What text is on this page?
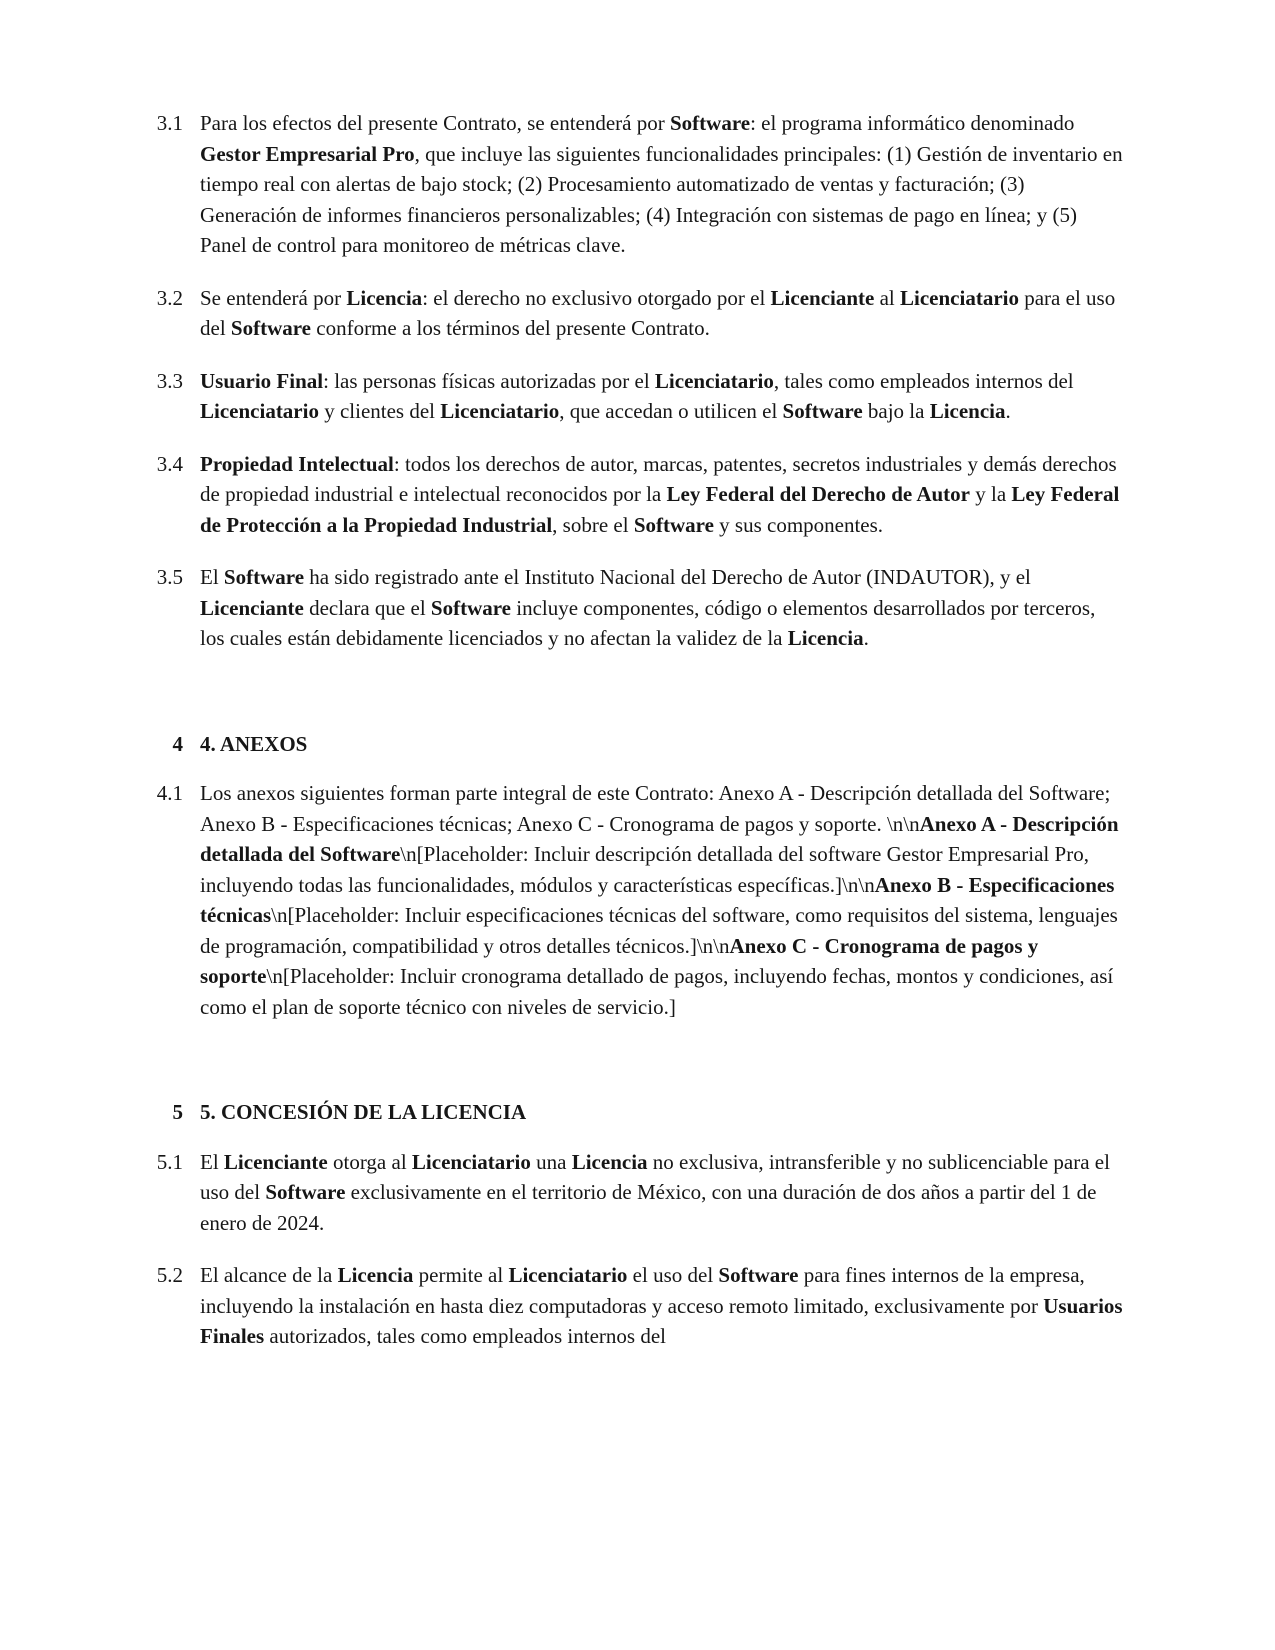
3.1 Para los efectos del presente Contrato, se entenderá por Software: el programa informático denominado Gestor Empresarial Pro, que incluye las siguientes funcionalidades principales: (1) Gestión de inventario en tiempo real con alertas de bajo stock; (2) Procesamiento automatizado de ventas y facturación; (3) Generación de informes financieros personalizables; (4) Integración con sistemas de pago en línea; y (5) Panel de control para monitoreo de métricas clave.
3.2 Se entenderá por Licencia: el derecho no exclusivo otorgado por el Licenciante al Licenciatario para el uso del Software conforme a los términos del presente Contrato.
3.3 Usuario Final: las personas físicas autorizadas por el Licenciatario, tales como empleados internos del Licenciatario y clientes del Licenciatario, que accedan o utilicen el Software bajo la Licencia.
3.4 Propiedad Intelectual: todos los derechos de autor, marcas, patentes, secretos industriales y demás derechos de propiedad industrial e intelectual reconocidos por la Ley Federal del Derecho de Autor y la Ley Federal de Protección a la Propiedad Industrial, sobre el Software y sus componentes.
3.5 El Software ha sido registrado ante el Instituto Nacional del Derecho de Autor (INDAUTOR), y el Licenciante declara que el Software incluye componentes, código o elementos desarrollados por terceros, los cuales están debidamente licenciados y no afectan la validez de la Licencia.
4 4. ANEXOS
4.1 Los anexos siguientes forman parte integral de este Contrato: Anexo A - Descripción detallada del Software; Anexo B - Especificaciones técnicas; Anexo C - Cronograma de pagos y soporte. \n\nAnexo A - Descripción detallada del Software\n[Placeholder: Incluir descripción detallada del software Gestor Empresarial Pro, incluyendo todas las funcionalidades, módulos y características específicas.]\n\nAnexo B - Especificaciones técnicas\n[Placeholder: Incluir especificaciones técnicas del software, como requisitos del sistema, lenguajes de programación, compatibilidad y otros detalles técnicos.]\n\nAnexo C - Cronograma de pagos y soporte\n[Placeholder: Incluir cronograma detallado de pagos, incluyendo fechas, montos y condiciones, así como el plan de soporte técnico con niveles de servicio.]
5 5. CONCESIÓN DE LA LICENCIA
5.1 El Licenciante otorga al Licenciatario una Licencia no exclusiva, intransferible y no sublicenciable para el uso del Software exclusivamente en el territorio de México, con una duración de dos años a partir del 1 de enero de 2024.
5.2 El alcance de la Licencia permite al Licenciatario el uso del Software para fines internos de la empresa, incluyendo la instalación en hasta diez computadoras y acceso remoto limitado, exclusivamente por Usuarios Finales autorizados, tales como empleados internos del
